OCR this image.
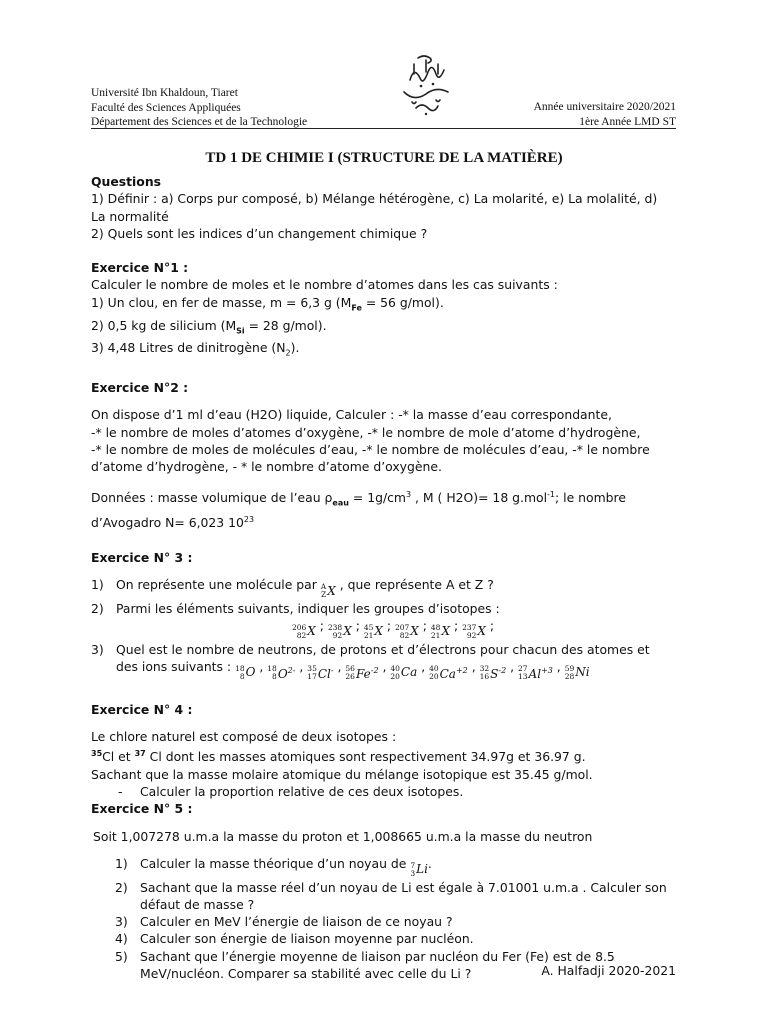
Université Ibn Khaldoun, Tiaret
Faculté des Sciences Appliquées
Département des Sciences et de la Technologie
Année universitaire 2020/2021
1ère Année LMD ST
TD 1 DE CHIMIE I (STRUCTURE DE LA MATIÈRE)

Questions

1) Définir : a) Corps pur composé, b) Mélange hétérogène, c) La molarité, e) La molalité, d) La normalité

2) Quels sont les indices d’un changement chimique ?

Exercice N°1 :

Calculer le nombre de moles et le nombre d’atomes dans les cas suivants :

1) Un clou, en fer de masse, m = 6,3 g ($M_{Fe} = 56$ g/mol).

2) 0,5 kg de silicium ($M_{Si} = 28$ g/mol).

3) 4,48 Litres de dinitrogène $(N_2)$.

Exercice N°2 :

On dispose d’1 ml d’eau (H2O) liquide, Calculer : -* la masse d’eau correspondante,

-* le nombre de moles d’atomes d’oxygène, -* le nombre de mole d’atome d’hydrogène,

-* le nombre de moles de molécules d’eau, -* le nombre de molécules d’eau, -* le nombre

d’atome d’hydrogène, - * le nombre d’atome d’oxygène.

Données : masse volumique de l’eau $\rho_{eau} = 1g/cm^3$ , M ( H2O)= 18 g.mol$^{-1}$; le nombre

d’Avogadro N= 6,023 $10^{23}$

Exercice N° 3 :

1) On représente une molécule par A
Z X , que représente A et Z ?
2) Parmi les éléments suivants, indiquer les groupes d’isotopes :

206
82 X ; 238
92 X ; 45
21 X ; 207
82 X ; 48
21 X ; 237
92 X ;

3) Quel est le nombre de neutrons, de protons et d’électrons pour chacun des atomes et
des ions suivants : 18
8 O , 18
8 $O^{2-}$ , 35
17 Cl- , 56
26 $Fe^{-2}$ , 40
20 Ca , 40
20 $Ca^{+2}$ , 32
16 $S^{-2}$ , 27
13 $Al^{+3}$ , 59
28 Ni

Exercice N° 4 :

Le chlore naturel est composé de deux isotopes :

$^{35}$Cl et $^{37}$ Cl dont les masses atomiques sont respectivement 34.97g et 36.97 g.

Sachant que la masse molaire atomique du mélange isotopique est 35.45 g/mol.

-	Calculer la proportion relative de ces deux isotopes.

Exercice N° 5 :

Soit 1,007278 u.m.a la masse du proton et 1,008665 u.m.a la masse du neutron

1) Calculer la masse théorique d’un noyau de 7
3 Li .
2) Sachant que la masse réel d’un noyau de Li est égale à 7.01001 u.m.a . Calculer son défaut de masse ?
3) Calculer en MeV l’énergie de liaison de ce noyau ?
4) Calculer son énergie de liaison moyenne par nucléon.
5) Sachant que l’énergie moyenne de liaison par nucléon du Fer (Fe) est de 8.5 MeV/nucléon. Comparer sa stabilité avec celle du Li ?	A. Halfadji 2020-2021
